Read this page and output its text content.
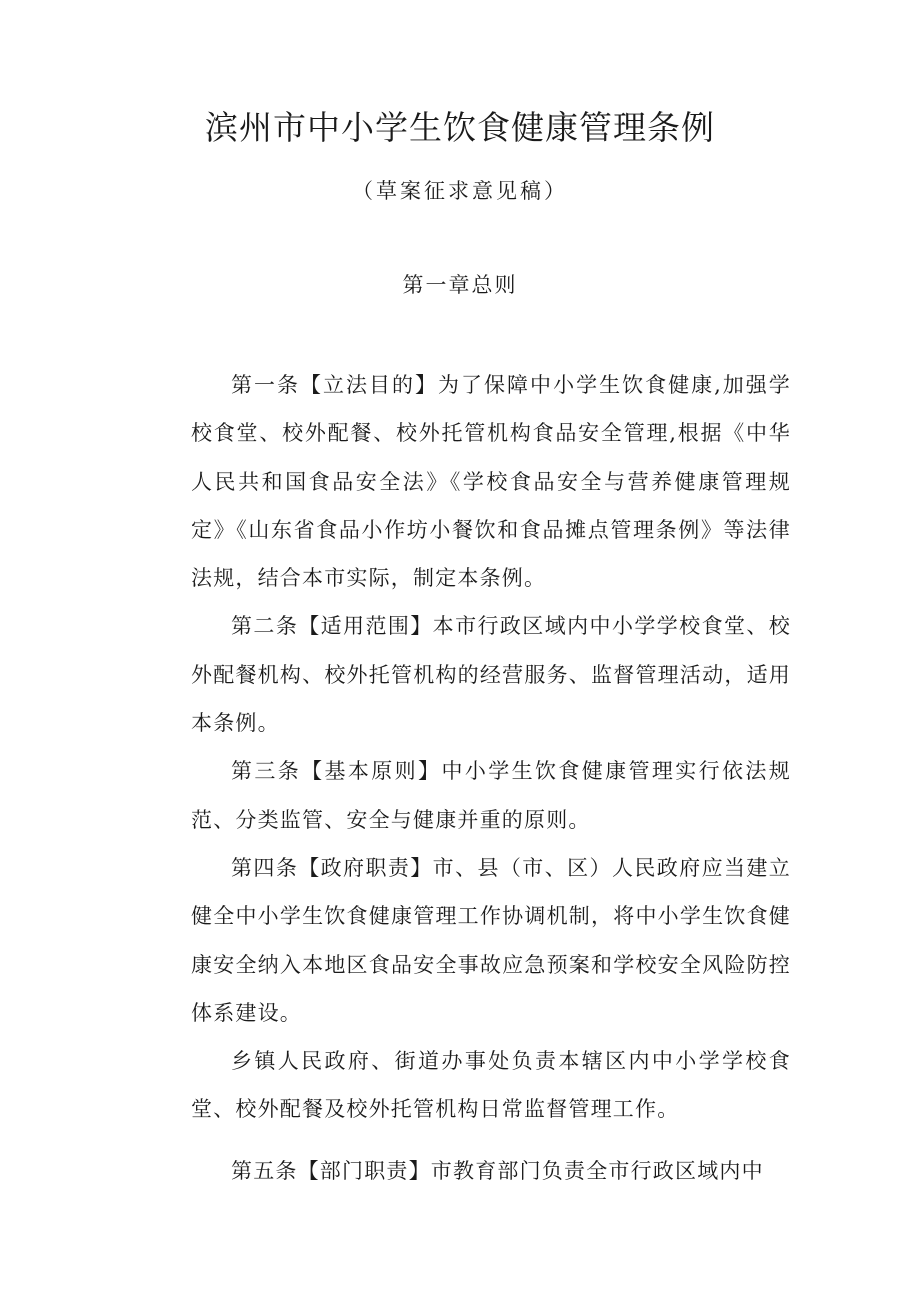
滨州市中小学生饮食健康管理条例
（草案征求意见稿）
第一章总则

第一条【立法目的】为了保障中小学生饮食健康,加强学校食堂、校外配餐、校外托管机构食品安全管理,根据《中华人民共和国食品安全法》《学校食品安全与营养健康管理规定》《山东省食品小作坊小餐饮和食品摊点管理条例》等法律法规，结合本市实际，制定本条例。

第二条【适用范围】本市行政区域内中小学学校食堂、校外配餐机构、校外托管机构的经营服务、监督管理活动，适用本条例。

第三条【基本原则】中小学生饮食健康管理实行依法规范、分类监管、安全与健康并重的原则。

第四条【政府职责】市、县（市、区）人民政府应当建立健全中小学生饮食健康管理工作协调机制，将中小学生饮食健康安全纳入本地区食品安全事故应急预案和学校安全风险防控体系建设。

乡镇人民政府、街道办事处负责本辖区内中小学学校食堂、校外配餐及校外托管机构日常监督管理工作。

第五条【部门职责】市教育部门负责全市行政区域内中
